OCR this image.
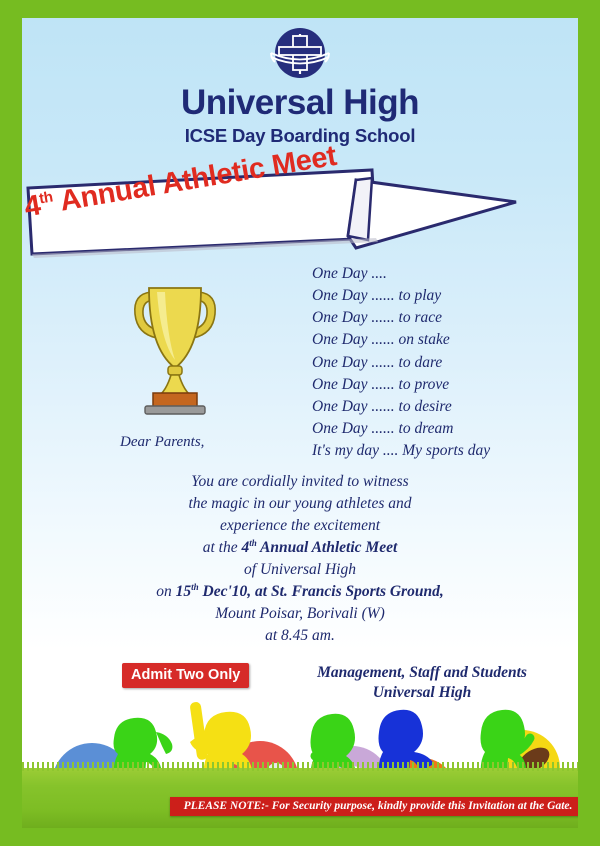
Universal High
ICSE Day Boarding School
4th Annual Athletic Meet
One Day ....
One Day ...... to play
One Day ...... to race
One Day ...... on stake
One Day ...... to dare
One Day ...... to prove
One Day ...... to desire
One Day ...... to dream
It's my day .... My sports day
Dear Parents,
You are cordially invited to witness
the magic in our young athletes and
experience the excitement
at the 4th Annual Athletic Meet
of Universal High
on 15th Dec'10, at St. Francis Sports Ground,
Mount Poisar, Borivali (W)
at 8.45 am.
Admit Two Only	Management, Staff and Students
Universal High
PLEASE NOTE:- For Security purpose, kindly provide this Invitation at the Gate.
